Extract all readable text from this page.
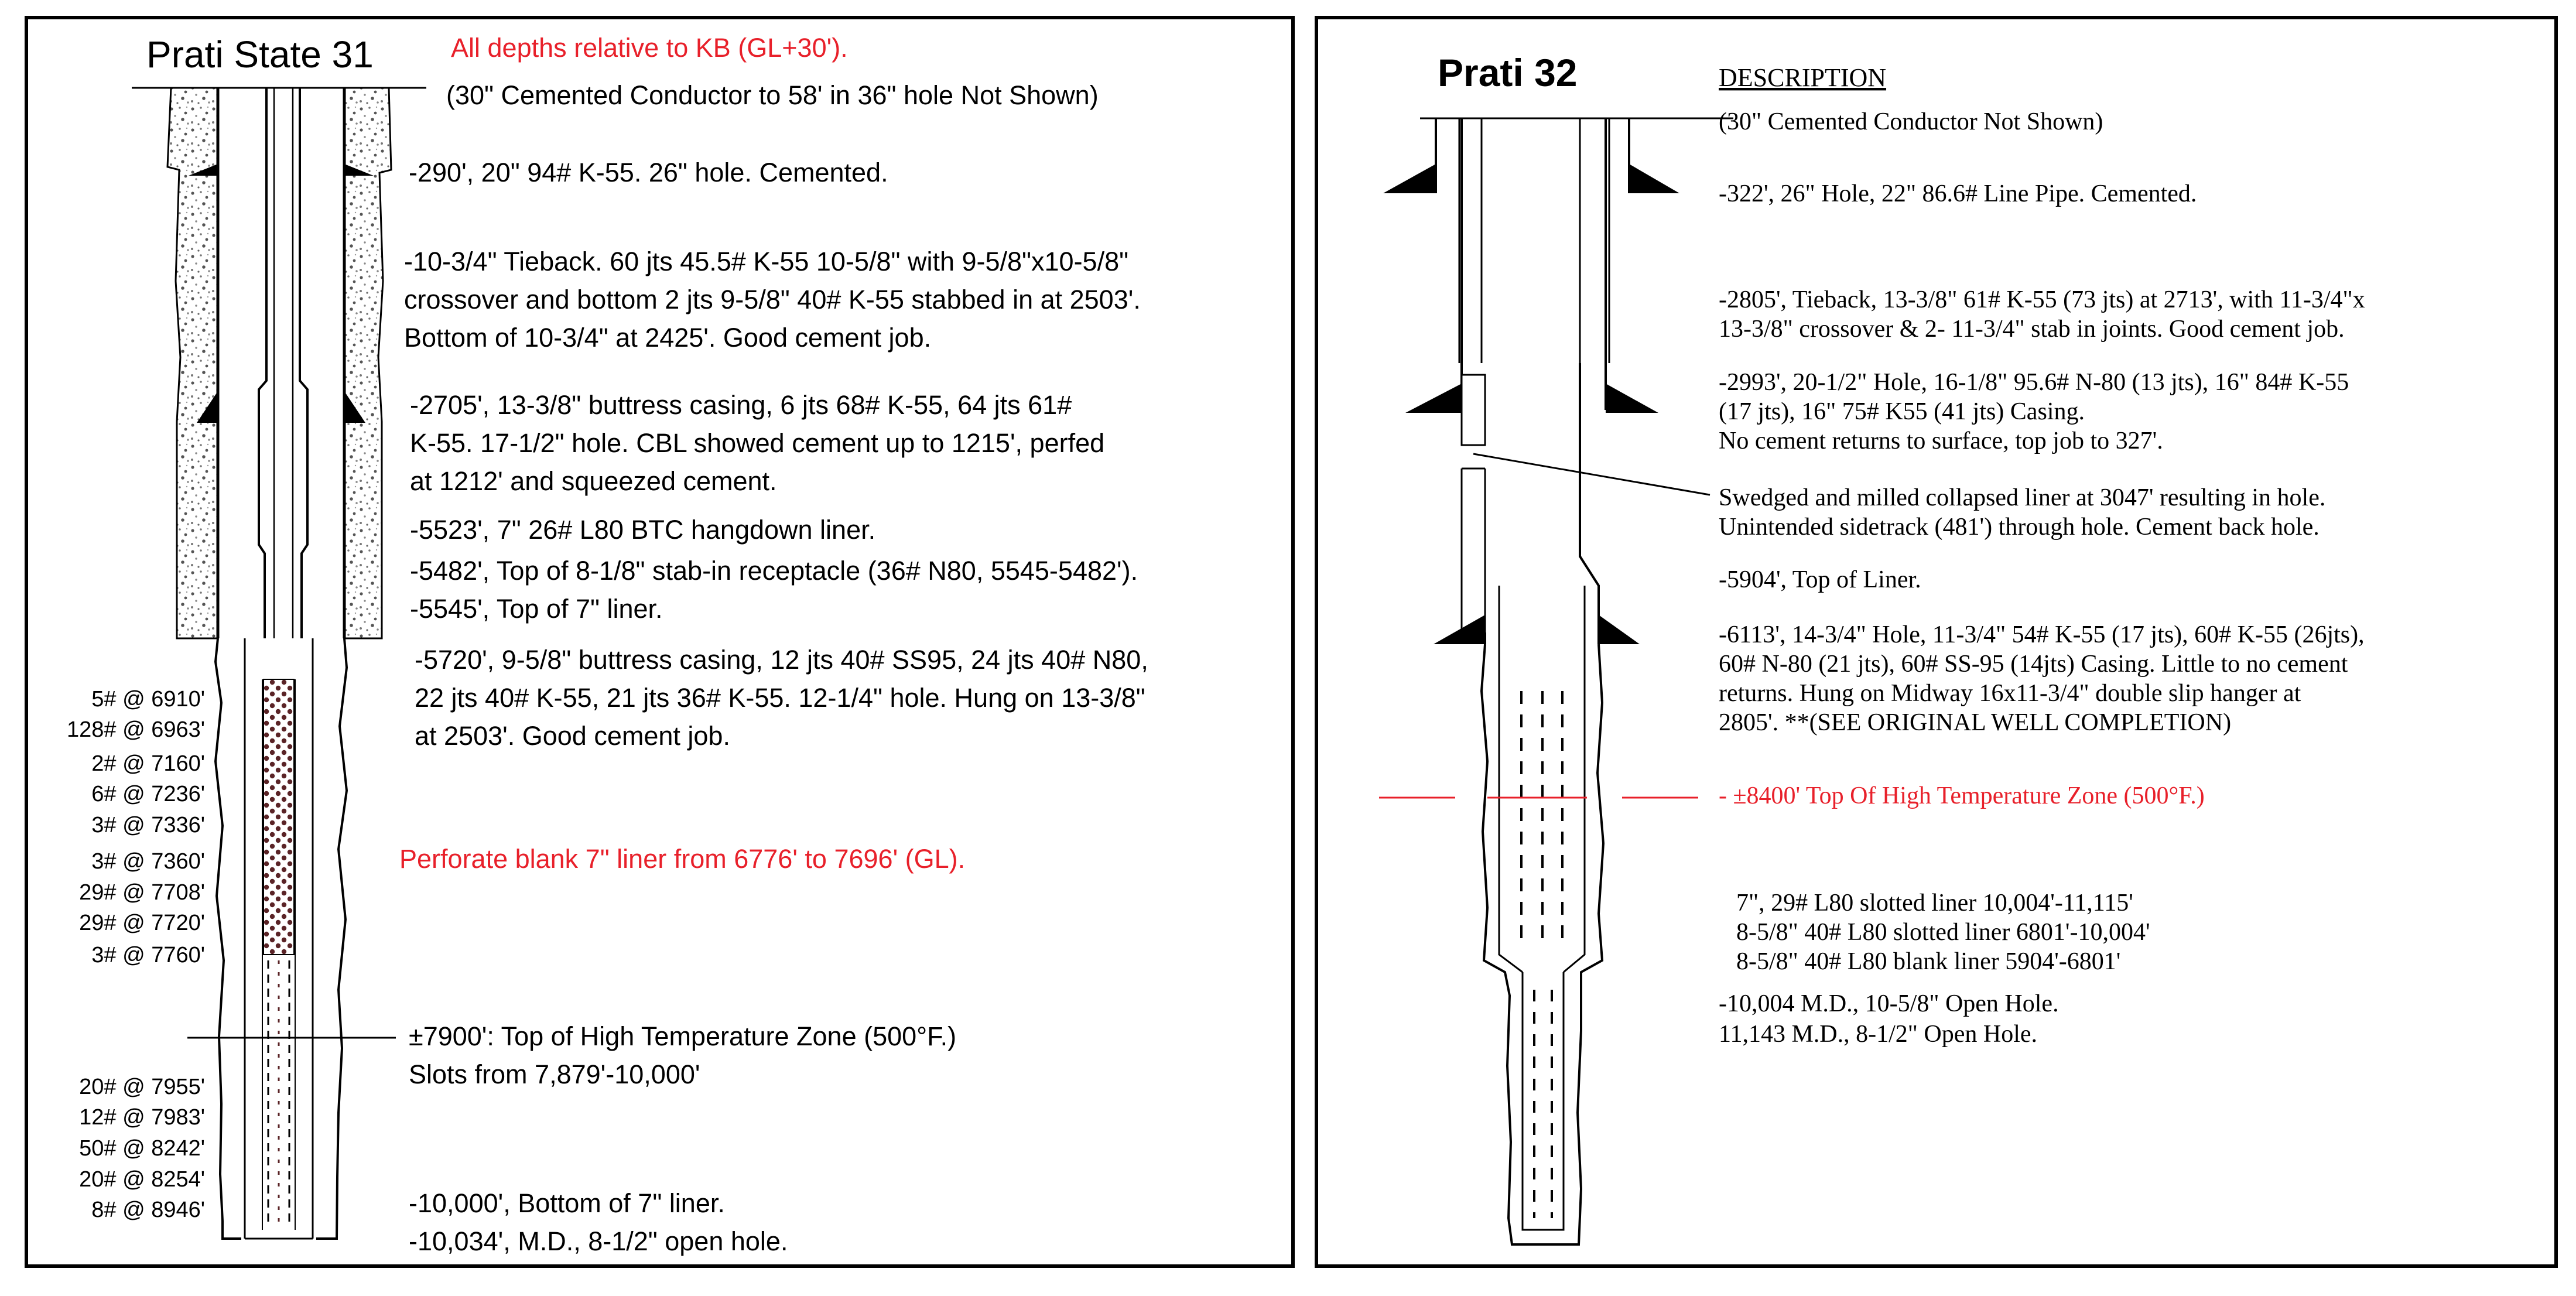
Prati State 31	All depths relative to KB (GL+30').
(30" Cemented Conductor to 58' in 36" hole Not Shown)
-290', 20" 94# K-55. 26" hole. Cemented.
-10-3/4" Tieback. 60 jts 45.5# K-55 10-5/8" with 9-5/8"x10-5/8"
crossover and bottom 2 jts 9-5/8" 40# K-55 stabbed in at 2503'.
Bottom of 10-3/4" at 2425'. Good cement job.
-2705', 13-3/8" buttress casing, 6 jts 68# K-55, 64 jts 61#
K-55. 17-1/2" hole. CBL showed cement up to 1215', perfed
at 1212' and squeezed cement.
-5523', 7" 26# L80 BTC hangdown liner.
-5482', Top of 8-1/8" stab-in receptacle (36# N80, 5545-5482').
-5545', Top of 7" liner.
-5720', 9-5/8" buttress casing, 12 jts 40# SS95, 24 jts 40# N80,
22 jts 40# K-55, 21 jts 36# K-55. 12-1/4" hole. Hung on 13-3/8"
at 2503'. Good cement job.
Perforate blank 7" liner from 6776' to 7696' (GL).
±7900': Top of High Temperature Zone (500°F.)
Slots from 7,879'-10,000'
-10,000', Bottom of 7" liner.
-10,034', M.D., 8-1/2" open hole.
5# @ 6910'
128# @ 6963'
2# @ 7160'
6# @ 7236'
3# @ 7336'
3# @ 7360'
29# @ 7708'
29# @ 7720'
3# @ 7760'
20# @ 7955'
12# @ 7983'
50# @ 8242'
20# @ 8254'
8# @ 8946'
Prati 32	DESCRIPTION
(30" Cemented Conductor Not Shown)
-322', 26" Hole, 22" 86.6# Line Pipe. Cemented.
-2805', Tieback, 13-3/8" 61# K-55 (73 jts) at 2713', with 11-3/4"x
13-3/8" crossover & 2- 11-3/4" stab in joints. Good cement job.
-2993', 20-1/2" Hole, 16-1/8" 95.6# N-80 (13 jts), 16" 84# K-55
(17 jts), 16" 75# K55 (41 jts) Casing.
No cement returns to surface, top job to 327'.
Swedged and milled collapsed liner at 3047' resulting in hole.
Unintended sidetrack (481') through hole. Cement back hole.
-5904', Top of Liner.
-6113', 14-3/4" Hole, 11-3/4" 54# K-55 (17 jts), 60# K-55 (26jts),
60# N-80 (21 jts), 60# SS-95 (14jts) Casing. Little to no cement
returns. Hung on Midway 16x11-3/4" double slip hanger at
2805'. **(SEE ORIGINAL WELL COMPLETION)
- ±8400' Top Of High Temperature Zone (500°F.)
7", 29# L80 slotted liner 10,004'-11,115'
8-5/8" 40# L80 slotted liner 6801'-10,004'
8-5/8" 40# L80 blank liner 5904'-6801'
-10,004 M.D., 10-5/8" Open Hole.
11,143 M.D., 8-1/2" Open Hole.
